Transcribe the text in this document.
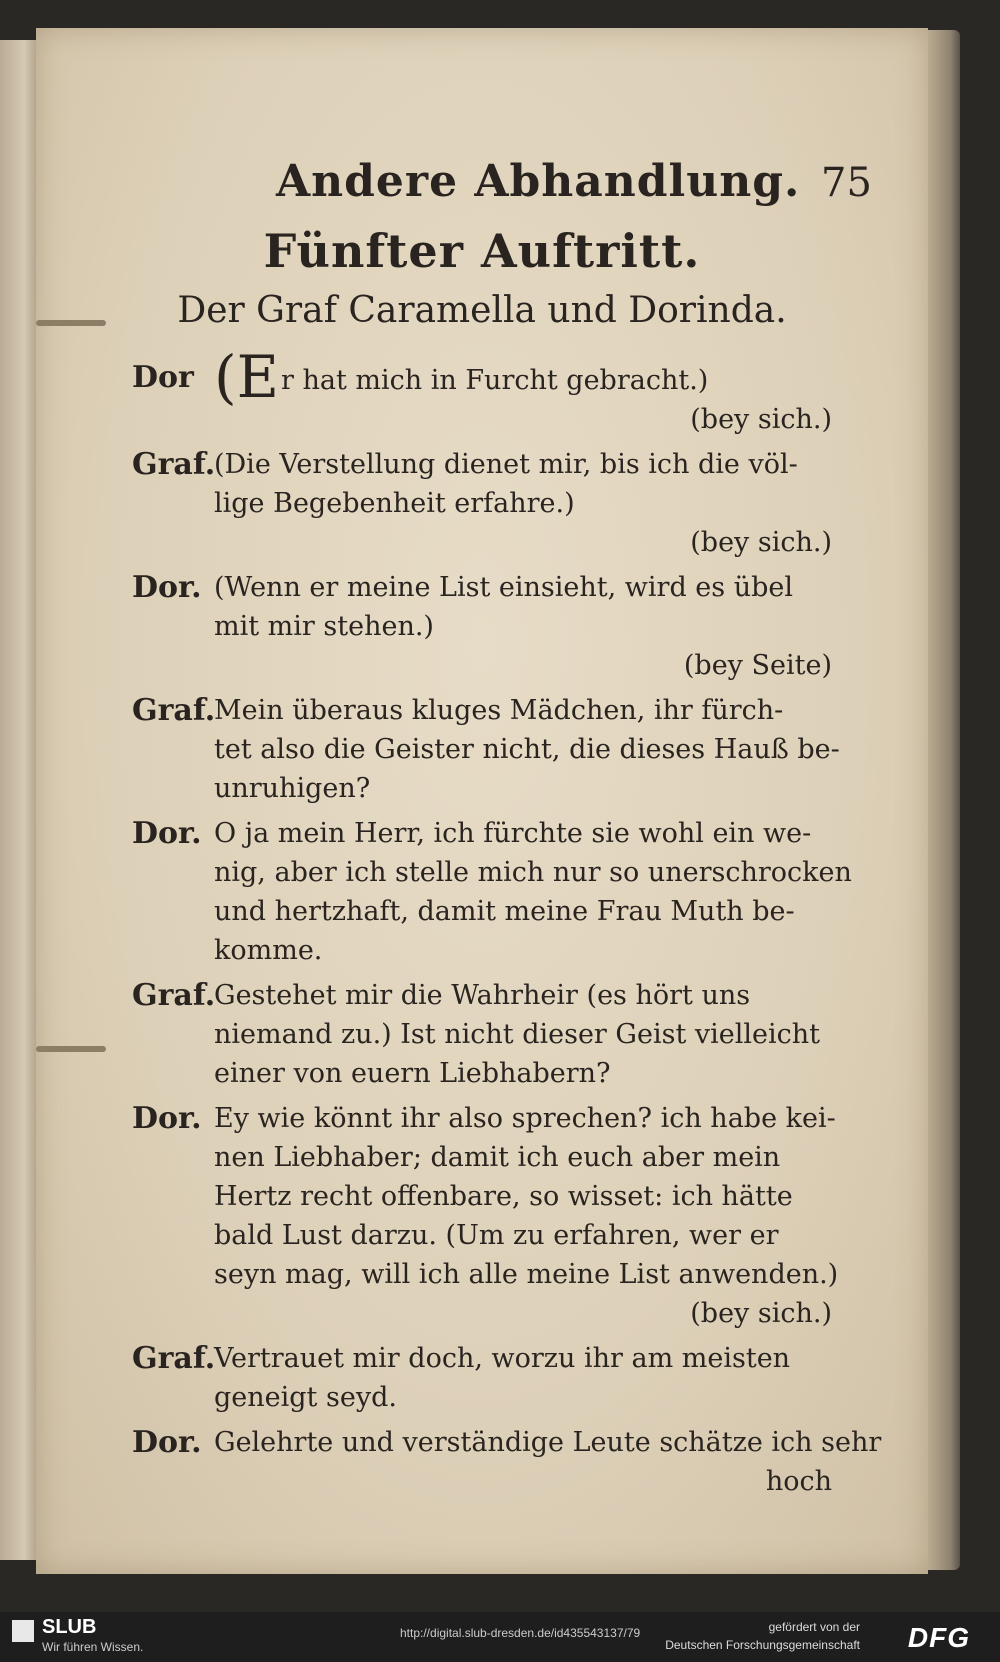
Andere Abhandlung. 75
Fünfter Auftritt.
Der Graf Caramella und Dorinda.
Dor (Er hat mich in Furcht gebracht.)
(bey sich.)
Graf.
(Die Verstellung dienet mir, bis ich die völ-
lige Begebenheit erfahre.)
(bey sich.)
Dor. (Wenn er meine List einsieht, wird es übel
mit mir stehen.)
(bey Seite)
Graf.
Mein überaus kluges Mädchen, ihr fürch-
tet also die Geister nicht, die dieses Hauß be-
unruhigen?
Dor. O ja mein Herr, ich fürchte sie wohl ein we-
nig, aber ich stelle mich nur so unerschrocken
und hertzhaft, damit meine Frau Muth be-
komme.
Graf.
Gestehet mir die Wahrheir (es hört uns
niemand zu.) Ist nicht dieser Geist vielleicht
einer von euern Liebhabern?
Dor. Ey wie könnt ihr also sprechen? ich habe kei-
nen Liebhaber; damit ich euch aber mein
Hertz recht offenbare, so wisset: ich hätte
bald Lust darzu. (Um zu erfahren, wer er
seyn mag, will ich alle meine List anwenden.)
(bey sich.)
Graf.
Vertrauet mir doch, worzu ihr am meisten
geneigt seyd.
Dor. Gelehrte und verständige Leute schätze ich sehr
hoch
SLUB
Wir führen Wissen.
http://digital.slub-dresden.de/id435543137/79	gefördert von der
Deutschen Forschungsgemeinschaft DFG
